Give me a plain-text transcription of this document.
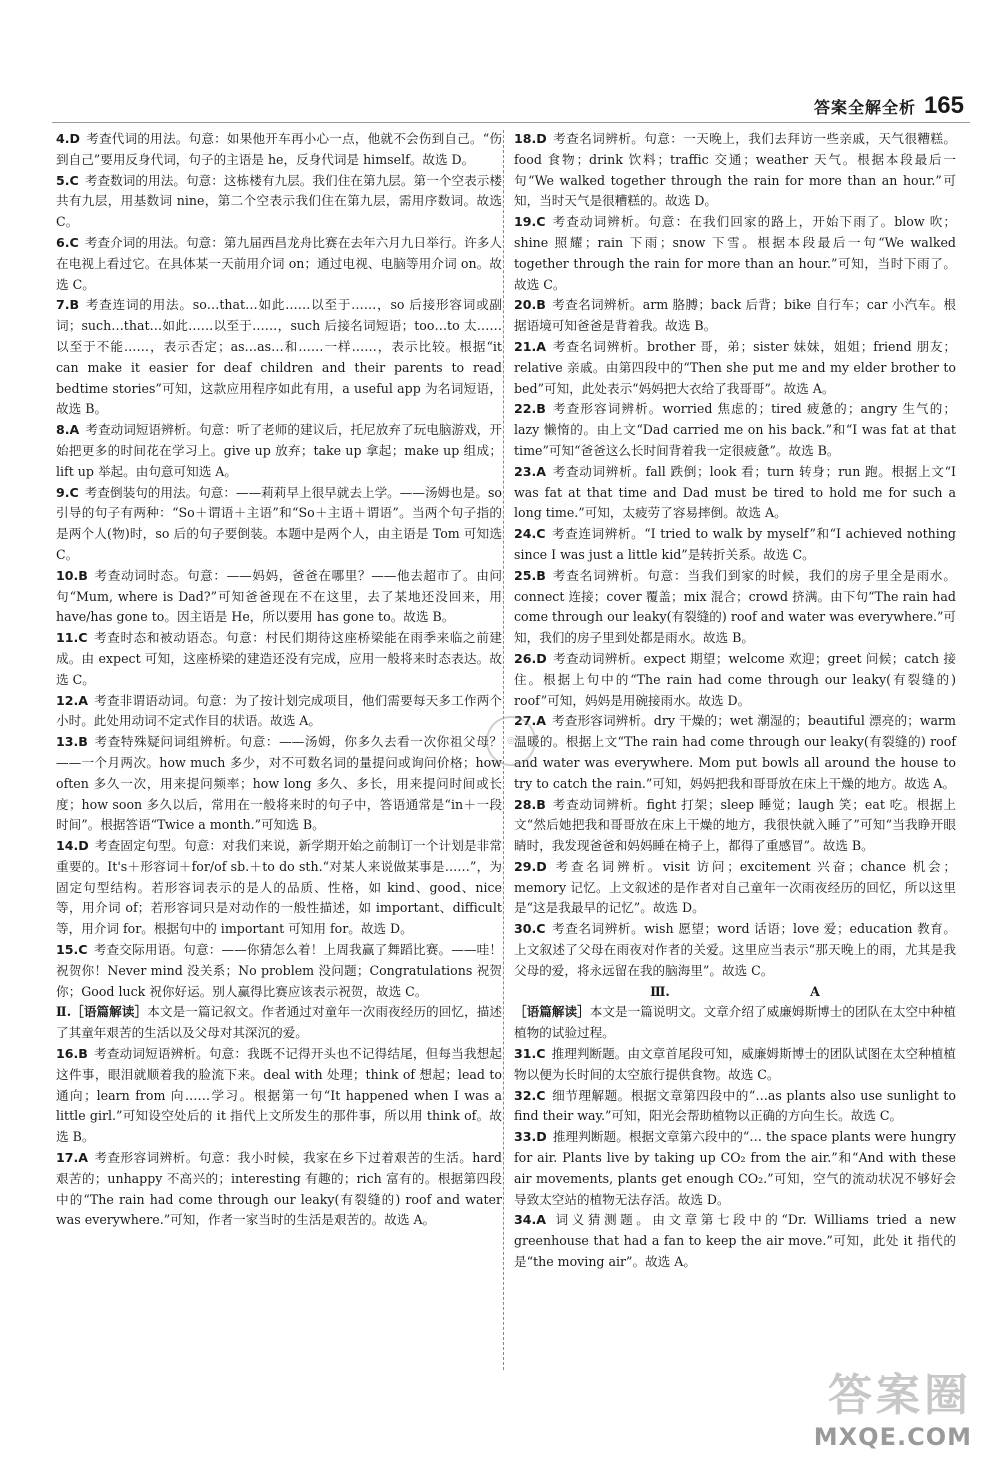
答案全解全析 165

4.D 考查代词的用法。句意：如果他开车再小心一点，他就不会伤到自己。“伤到自己”要用反身代词，句子的主语是 he，反身代词是 himself。故选 D。

5.C 考查数词的用法。句意：这栋楼有九层。我们住在第九层。第一个空表示楼共有九层，用基数词 nine，第二个空表示我们住在第九层，需用序数词。故选 C。

6.C 考查介词的用法。句意：第九届西昌龙舟比赛在去年六月九日举行。许多人在电视上看过它。在具体某一天前用介词 on；通过电视、电脑等用介词 on。故选 C。

7.B 考查连词的用法。so…that…如此……以至于……，so 后接形容词或副词；such…that…如此……以至于……，such 后接名词短语；too…to 太……以至于不能……，表示否定；as…as…和……一样……，表示比较。根据“it can make it easier for deaf children and their parents to read bedtime stories”可知，这款应用程序如此有用，a useful app 为名词短语，故选 B。

8.A 考查动词短语辨析。句意：听了老师的建议后，托尼放弃了玩电脑游戏，开始把更多的时间花在学习上。give up 放弃；take up 拿起；make up 组成；lift up 举起。由句意可知选 A。

9.C 考查倒装句的用法。句意：——莉莉早上很早就去上学。——汤姆也是。so 引导的句子有两种：“So＋谓语＋主语”和“So＋主语＋谓语”。当两个句子指的是两个人(物)时，so 后的句子要倒装。本题中是两个人，由主语是 Tom 可知选 C。

10.B 考查动词时态。句意：——妈妈，爸爸在哪里？——他去超市了。由问句“Mum, where is Dad?”可知爸爸现在不在这里，去了某地还没回来，用 have/has gone to。因主语是 He，所以要用 has gone to。故选 B。

11.C 考查时态和被动语态。句意：村民们期待这座桥梁能在雨季来临之前建成。由 expect 可知，这座桥梁的建造还没有完成，应用一般将来时态表达。故选 C。

12.A 考查非谓语动词。句意：为了按计划完成项目，他们需要每天多工作两个小时。此处用动词不定式作目的状语。故选 A。

13.B 考查特殊疑问词组辨析。句意：——汤姆，你多久去看一次你祖父母？——一个月两次。how much 多少，对不可数名词的量提问或询问价格；how often 多久一次，用来提问频率；how long 多久、多长，用来提问时间或长度；how soon 多久以后，常用在一般将来时的句子中，答语通常是“in＋一段时间”。根据答语“Twice a month.”可知选 B。

14.D 考查固定句型。句意：对我们来说，新学期开始之前制订一个计划是非常重要的。It's＋形容词＋for/of sb.＋to do sth.“对某人来说做某事是……”，为固定句型结构。若形容词表示的是人的品质、性格，如 kind、good、nice 等，用介词 of；若形容词只是对动作的一般性描述，如 important、difficult 等，用介词 for。根据句中的 important 可知用 for。故选 D。

15.C 考查交际用语。句意：——你猜怎么着！上周我赢了舞蹈比赛。——哇！祝贺你！Never mind 没关系；No problem 没问题；Congratulations 祝贺你；Good luck 祝你好运。别人赢得比赛应该表示祝贺，故选 C。

Ⅱ.［语篇解读］本文是一篇记叙文。作者通过对童年一次雨夜经历的回忆，描述了其童年艰苦的生活以及父母对其深沉的爱。

16.B 考查动词短语辨析。句意：我既不记得开头也不记得结尾，但每当我想起这件事，眼泪就顺着我的脸流下来。deal with 处理；think of 想起；lead to 通向；learn from 向……学习。根据第一句“It happened when I was a little girl.”可知设空处后的 it 指代上文所发生的那件事，所以用 think of。故选 B。

17.A 考查形容词辨析。句意：我小时候，我家在乡下过着艰苦的生活。hard 艰苦的；unhappy 不高兴的；interesting 有趣的；rich 富有的。根据第四段中的“The rain had come through our leaky(有裂缝的) roof and water was everywhere.”可知，作者一家当时的生活是艰苦的。故选 A。

18.D 考查名词辨析。句意：一天晚上，我们去拜访一些亲戚，天气很糟糕。food 食物；drink 饮料；traffic 交通；weather 天气。根据本段最后一句“We walked together through the rain for more than an hour.”可知，当时天气是很糟糕的。故选 D。

19.C 考查动词辨析。句意：在我们回家的路上，开始下雨了。blow 吹；shine 照耀；rain 下雨；snow 下雪。根据本段最后一句“We walked together through the rain for more than an hour.”可知，当时下雨了。故选 C。

20.B 考查名词辨析。arm 胳膊；back 后背；bike 自行车；car 小汽车。根据语境可知爸爸是背着我。故选 B。

21.A 考查名词辨析。brother 哥，弟；sister 妹妹，姐姐；friend 朋友；relative 亲戚。由第四段中的“Then she put me and my elder brother to bed”可知，此处表示“妈妈把大衣给了我哥哥”。故选 A。

22.B 考查形容词辨析。worried 焦虑的；tired 疲惫的；angry 生气的；lazy 懒惰的。由上文“Dad carried me on his back.”和“I was fat at that time”可知“爸爸这么长时间背着我一定很疲惫”。故选 B。

23.A 考查动词辨析。fall 跌倒；look 看；turn 转身；run 跑。根据上文“I was fat at that time and Dad must be tired to hold me for such a long time.”可知，太疲劳了容易摔倒。故选 A。

24.C 考查连词辨析。“I tried to walk by myself”和“I achieved nothing since I was just a little kid”是转折关系。故选 C。

25.B 考查名词辨析。句意：当我们到家的时候，我们的房子里全是雨水。connect 连接；cover 覆盖；mix 混合；crowd 挤满。由下句“The rain had come through our leaky(有裂缝的) roof and water was everywhere.”可知，我们的房子里到处都是雨水。故选 B。

26.D 考查动词辨析。expect 期望；welcome 欢迎；greet 问候；catch 接住。根据上句中的“The rain had come through our leaky(有裂缝的) roof”可知，妈妈是用碗接雨水。故选 D。

27.A 考查形容词辨析。dry 干燥的；wet 潮湿的；beautiful 漂亮的；warm 温暖的。根据上文“The rain had come through our leaky(有裂缝的) roof and water was everywhere. Mom put bowls all around the house to try to catch the rain.”可知，妈妈把我和哥哥放在床上干燥的地方。故选 A。

28.B 考查动词辨析。fight 打架；sleep 睡觉；laugh 笑；eat 吃。根据上文“然后她把我和哥哥放在床上干燥的地方，我很快就入睡了”可知“当我睁开眼睛时，我发现爸爸和妈妈睡在椅子上，都得了重感冒”。故选 B。

29.D 考查名词辨析。visit 访问；excitement 兴奋；chance 机会；memory 记忆。上文叙述的是作者对自己童年一次雨夜经历的回忆，所以这里是“这是我最早的记忆”。故选 D。

30.C 考查名词辨析。wish 愿望；word 话语；love 爱；education 教育。上文叙述了父母在雨夜对作者的关爱。这里应当表示“那天晚上的雨，尤其是我父母的爱，将永远留在我的脑海里”。故选 C。

Ⅲ.                                A

［语篇解读］本文是一篇说明文。文章介绍了威廉姆斯博士的团队在太空中种植植物的试验过程。

31.C 推理判断题。由文章首尾段可知，威廉姆斯博士的团队试图在太空种植植物以便为长时间的太空旅行提供食物。故选 C。

32.C 细节理解题。根据文章第四段中的“…as plants also use sunlight to find their way.”可知，阳光会帮助植物以正确的方向生长。故选 C。

33.D 推理判断题。根据文章第六段中的“… the space plants were hungry for air. Plants live by taking up CO₂ from the air.”和“And with these air movements, plants get enough CO₂.”可知，空气的流动状况不够好会导致太空站的植物无法存活。故选 D。

34.A 词义猜测题。由文章第七段中的“Dr. Williams tried a new greenhouse that had a fan to keep the air move.”可知，此处 it 指代的是“the moving air”。故选 A。

◎
答案圈
MXQE.COM
